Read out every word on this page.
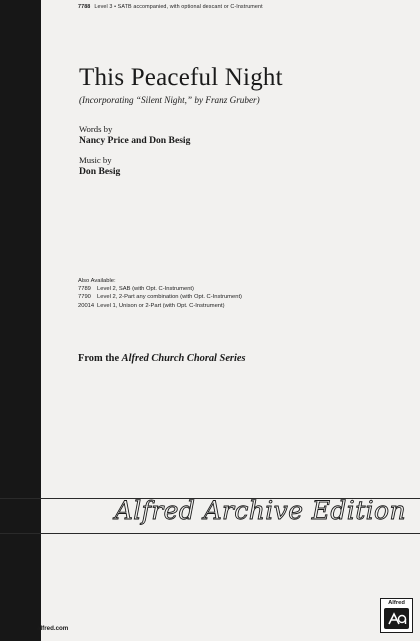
7788 Level 3 • SATB accompanied, with optional descant or C-Instrument
This Peaceful Night
(Incorporating “Silent Night,” by Franz Gruber)
Words by
Nancy Price and Don Besig
Music by
Don Besig
Also Available:
7789	Level 2, SAB (with Opt. C-Instrument)
7790	Level 2, 2-Part any combination (with Opt. C-Instrument)
20014 Level 1, Unison or 2-Part (with Opt. C-Instrument)
From the Alfred Church Choral Series
Alfred Archive Edition
Alfred
alfred.com
